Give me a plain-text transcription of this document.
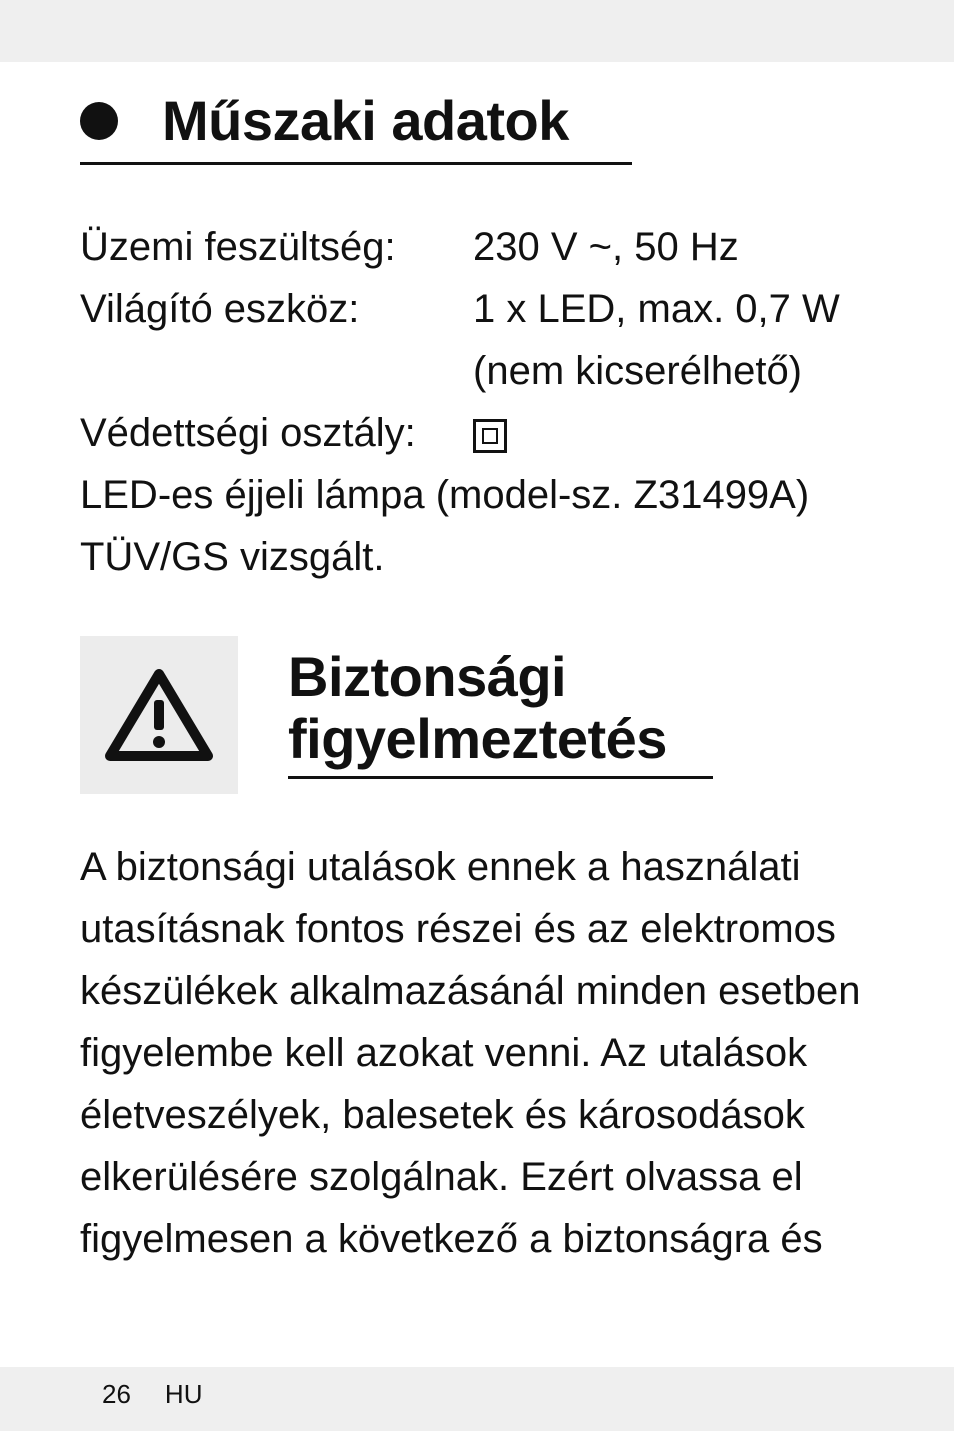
Műszaki adatok
Üzemi feszültség: 230 V ~, 50 Hz
Világító eszköz:	1 x LED, max. 0,7 W
(nem kicserélhető)
Védettségi osztály:
LED-es éjjeli lámpa (model-sz. Z31499A)
TÜV/GS vizsgált.
Biztonsági
figyelmeztetés
A biztonsági utalások ennek a használati
utasításnak fontos részei és az elektromos
készülékek alkalmazásánál minden esetben
figyelembe kell azokat venni. Az utalások
életveszélyek, balesetek és károsodások
elkerülésére szolgálnak. Ezért olvassa el
figyelmesen a következő a biztonságra és
26 HU
